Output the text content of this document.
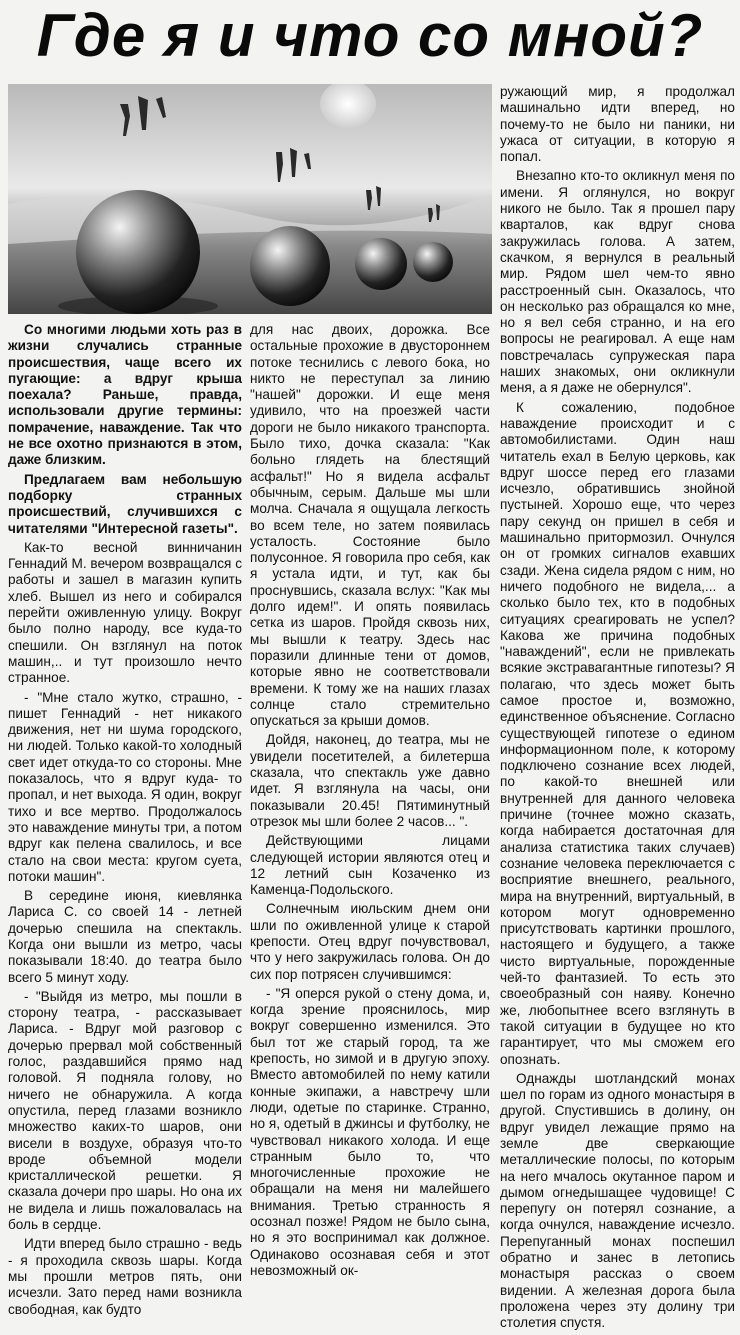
Где я и что со мной?

Со многими людьми хоть раз в жизни случались странные происшествия, чаще всего их пугающие: а вдруг крыша поехала? Раньше, правда, использовали другие термины: помрачение, наваждение. Так что не все охотно признаются в этом, даже близким.

Предлагаем вам небольшую подборку странных происшествий, случившихся с читателями "Интересной газеты".

Как-то весной винничанин Геннадий М. вечером возвращался с работы и зашел в магазин купить хлеб. Вышел из него и собирался перейти оживленную улицу. Вокруг было полно народу, все куда-то спешили. Он взглянул на поток машин,.. и тут произошло нечто странное.

- "Мне стало жутко, страшно, - пишет Геннадий - нет никакого движения, нет ни шума городского, ни людей. Только какой-то холодный свет идет откуда-то со стороны. Мне показалось, что я вдруг куда- то пропал, и нет выхода. Я один, вокруг тихо и все мертво. Продолжалось это наваждение минуты три, а потом вдруг как пелена свалилось, и все стало на свои места: кругом суета, потоки машин".

В середине июня, киевлянка Лариса С. со своей 14 - летней дочерью спешила на спектакль. Когда они вышли из метро, часы показывали 18:40. до театра было всего 5 минут ходу.

- "Выйдя из метро, мы пошли в сторону театра, - рассказывает Лариса. - Вдруг мой разговор с дочерью прервал мой собственный голос, раздавшийся прямо над головой. Я подняла голову, но ничего не обнаружила. А когда опустила, перед глазами возникло множество каких-то шаров, они висели в воздухе, образуя что-то вроде объемной модели кристаллической решетки. Я сказала дочери про шары. Но она их не видела и лишь пожаловалась на боль в сердце.

Идти вперед было страшно - ведь - я проходила сквозь шары. Когда мы прошли метров пять, они исчезли. Зато перед нами возникла свободная, как будто

для нас двоих, дорожка. Все остальные прохожие в двустороннем потоке теснились с левого бока, но никто не переступал за линию "нашей" дорожки. И еще меня удивило, что на проезжей части дороги не было никакого транспорта. Было тихо, дочка сказала: "Как больно глядеть на блестящий асфальт!" Но я видела асфальт обычным, серым. Дальше мы шли молча. Сначала я ощущала легкость во всем теле, но затем появилась усталость. Состояние было полусонное. Я говорила про себя, как я устала идти, и тут, как бы проснувшись, сказала вслух: "Как мы долго идем!". И опять появилась сетка из шаров. Пройдя сквозь них, мы вышли к театру. Здесь нас поразили длинные тени от домов, которые явно не соответствовали времени. К тому же на наших глазах солнце стало стремительно опускаться за крыши домов.

Дойдя, наконец, до театра, мы не увидели посетителей, а билетерша сказала, что спектакль уже давно идет. Я взглянула на часы, они показывали 20.45! Пятиминутный отрезок мы шли более 2 часов... ".

Действующими лицами следующей истории являются отец и 12 летний сын Козаченко из Каменца-Подольского.

Солнечным июльским днем они шли по оживленной улице к старой крепости. Отец вдруг почувствовал, что у него закружилась голова. Он до сих пор потрясен случившимся:

- "Я оперся рукой о стену дома, и, когда зрение прояснилось, мир вокруг совершенно изменился. Это был тот же старый город, та же крепость, но зимой и в другую эпоху. Вместо автомобилей по нему катили конные экипажи, а навстречу шли люди, одетые по старинке. Странно, но я, одетый в джинсы и футболку, не чувствовал никакого холода. И еще странным было то, что многочисленные прохожие не обращали на меня ни малейшего внимания. Третью странность я осознал позже! Рядом не было сына, но я это воспринимал как должное. Одинаково осознавая себя и этот невозможный ок-

ружающий мир, я продолжал машинально идти вперед, но почему-то не было ни паники, ни ужаса от ситуации, в которую я попал.

Внезапно кто-то окликнул меня по имени. Я оглянулся, но вокруг никого не было. Так я прошел пару кварталов, как вдруг снова закружилась голова. А затем, скачком, я вернулся в реальный мир. Рядом шел чем-то явно расстроенный сын. Оказалось, что он несколько раз обращался ко мне, но я вел себя странно, и на его вопросы не реагировал. А еще нам повстречалась супружеская пара наших знакомых, они окликнули меня, а я даже не обернулся".

К сожалению, подобное наваждение происходит и с автомобилистами. Один наш читатель ехал в Белую церковь, как вдруг шоссе перед его глазами исчезло, обратившись знойной пустыней. Хорошо еще, что через пару секунд он пришел в себя и машинально притормозил. Очнулся он от громких сигналов ехавших сзади. Жена сидела рядом с ним, но ничего подобного не видела,... а сколько было тех, кто в подобных ситуациях среагировать не успел? Какова же причина подобных "наваждений", если не привлекать всякие экстравагантные гипотезы? Я полагаю, что здесь может быть самое простое и, возможно, единственное объяснение. Согласно существующей гипотезе о едином информационном поле, к которому подключено сознание всех людей, по какой-то внешней или внутренней для данного человека причине (точнее можно сказать, когда набирается достаточная для анализа статистика таких случаев) сознание человека переключается с восприятие внешнего, реального, мира на внутренний, виртуальный, в котором могут одновременно присутствовать картинки прошлого, настоящего и будущего, а также чисто виртуальные, порожденные чей-то фантазией. То есть это своеобразный сон наяву. Конечно же, любопытнее всего взглянуть в такой ситуации в будущее но кто гарантирует, что мы сможем его опознать.

Однажды шотландский монах шел по горам из одного монастыря в другой. Спустившись в долину, он вдруг увидел лежащие прямо на земле две сверкающие металлические полосы, по которым на него мчалось окутанное паром и дымом огнедышащее чудовище! С перепугу он потерял сознание, а когда очнулся, наваждение исчезло. Перепуганный монах поспешил обратно и занес в летопись монастыря рассказ о своем видении. А железная дорога была проложена через эту долину три столетия спустя.
